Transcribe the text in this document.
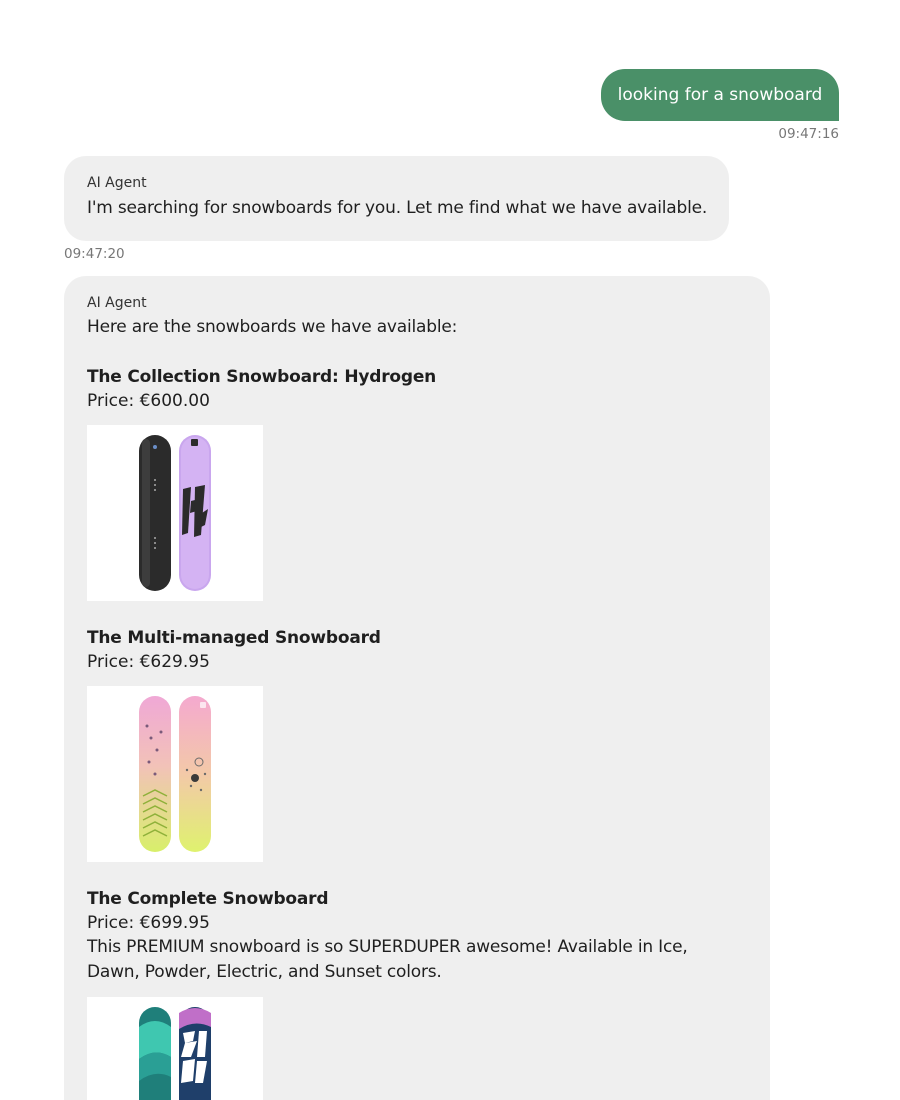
looking for a snowboard
09:47:16

AI Agent

I'm searching for snowboards for you. Let me find what we have available.

09:47:20

AI Agent

Here are the snowboards we have available:

The Collection Snowboard: Hydrogen

Price: €600.00

The Multi-managed Snowboard

Price: €629.95

The Complete Snowboard

Price: €699.95

This PREMIUM snowboard is so SUPERDUPER awesome! Available in Ice, Dawn, Powder, Electric, and Sunset colors.
